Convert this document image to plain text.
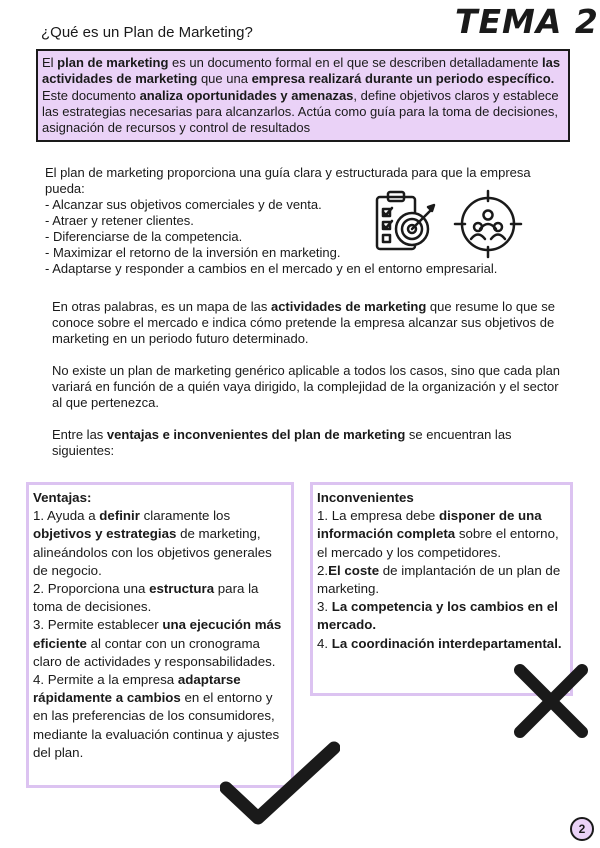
¿Qué es un Plan de Marketing?	TEMA 2
El plan de marketing es un documento formal en el que se describen detalladamente las actividades de marketing que una empresa realizará durante un periodo específico. Este documento analiza oportunidades y amenazas, define objetivos claros y establece las estrategias necesarias para alcanzarlos. Actúa como guía para la toma de decisiones, asignación de recursos y control de resultados
El plan de marketing proporciona una guía clara y estructurada para que la empresa pueda:
- Alcanzar sus objetivos comerciales y de venta.
- Atraer y retener clientes.
- Diferenciarse de la competencia.
- Maximizar el retorno de la inversión en marketing.
- Adaptarse y responder a cambios en el mercado y en el entorno empresarial.
En otras palabras, es un mapa de las actividades de marketing que resume lo que se conoce sobre el mercado e indica cómo pretende la empresa alcanzar sus objetivos de marketing en un periodo futuro determinado.
No existe un plan de marketing genérico aplicable a todos los casos, sino que cada plan variará en función de a quién vaya dirigido, la complejidad de la organización y el sector al que pertenezca.
Entre las ventajas e inconvenientes del plan de marketing se encuentran las siguientes:
Ventajas:
1. Ayuda a definir claramente los objetivos y estrategias de marketing, alineándolos con los objetivos generales de negocio.
2. Proporciona una estructura para la toma de decisiones.
3. Permite establecer una ejecución más eficiente al contar con un cronograma claro de actividades y responsabilidades.
4. Permite a la empresa adaptarse rápidamente a cambios en el entorno y en las preferencias de los consumidores, mediante la evaluación continua y ajustes del plan.
Inconvenientes
1. La empresa debe disponer de una información completa sobre el entorno, el mercado y los competidores.
2.El coste de implantación de un plan de marketing.
3. La competencia y los cambios en el mercado.
4. La coordinación interdepartamental.
2
